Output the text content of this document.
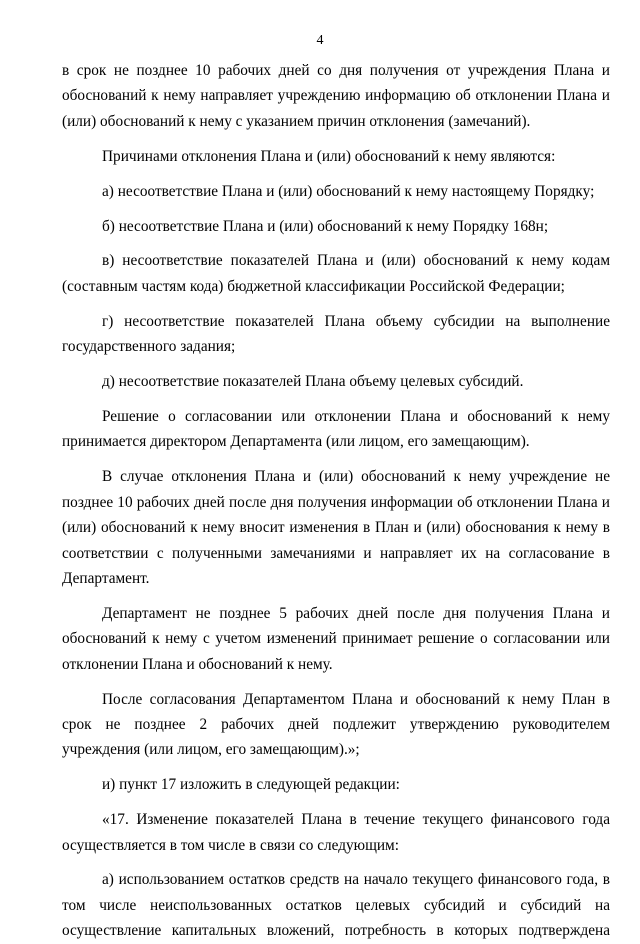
4

в срок не позднее 10 рабочих дней со дня получения от учреждения Плана и обоснований к нему направляет учреждению информацию об отклонении Плана и (или) обоснований к нему с указанием причин отклонения (замечаний).

Причинами отклонения Плана и (или) обоснований к нему являются:

а) несоответствие Плана и (или) обоснований к нему настоящему Порядку;

б) несоответствие Плана и (или) обоснований к нему Порядку 168н;

в) несоответствие показателей Плана и (или) обоснований к нему кодам (составным частям кода) бюджетной классификации Российской Федерации;

г) несоответствие показателей Плана объему субсидии на выполнение государственного задания;

д) несоответствие показателей Плана объему целевых субсидий.

Решение о согласовании или отклонении Плана и обоснований к нему принимается директором Департамента (или лицом, его замещающим).

В случае отклонения Плана и (или) обоснований к нему учреждение не позднее 10 рабочих дней после дня получения информации об отклонении Плана и (или) обоснований к нему вносит изменения в План и (или) обоснования к нему в соответствии с полученными замечаниями и направляет их на согласование в Департамент.

Департамент не позднее 5 рабочих дней после дня получения Плана и обоснований к нему с учетом изменений принимает решение о согласовании или отклонении Плана и обоснований к нему.

После согласования Департаментом Плана и обоснований к нему План в срок не позднее 2 рабочих дней подлежит утверждению руководителем учреждения (или лицом, его замещающим).»;

и) пункт 17 изложить в следующей редакции:

«17. Изменение показателей Плана в течение текущего финансового года осуществляется в том числе в связи со следующим:

а) использованием остатков средств на начало текущего финансового года, в том числе неиспользованных остатков целевых субсидий и субсидий на осуществление капитальных вложений, потребность в которых подтверждена
